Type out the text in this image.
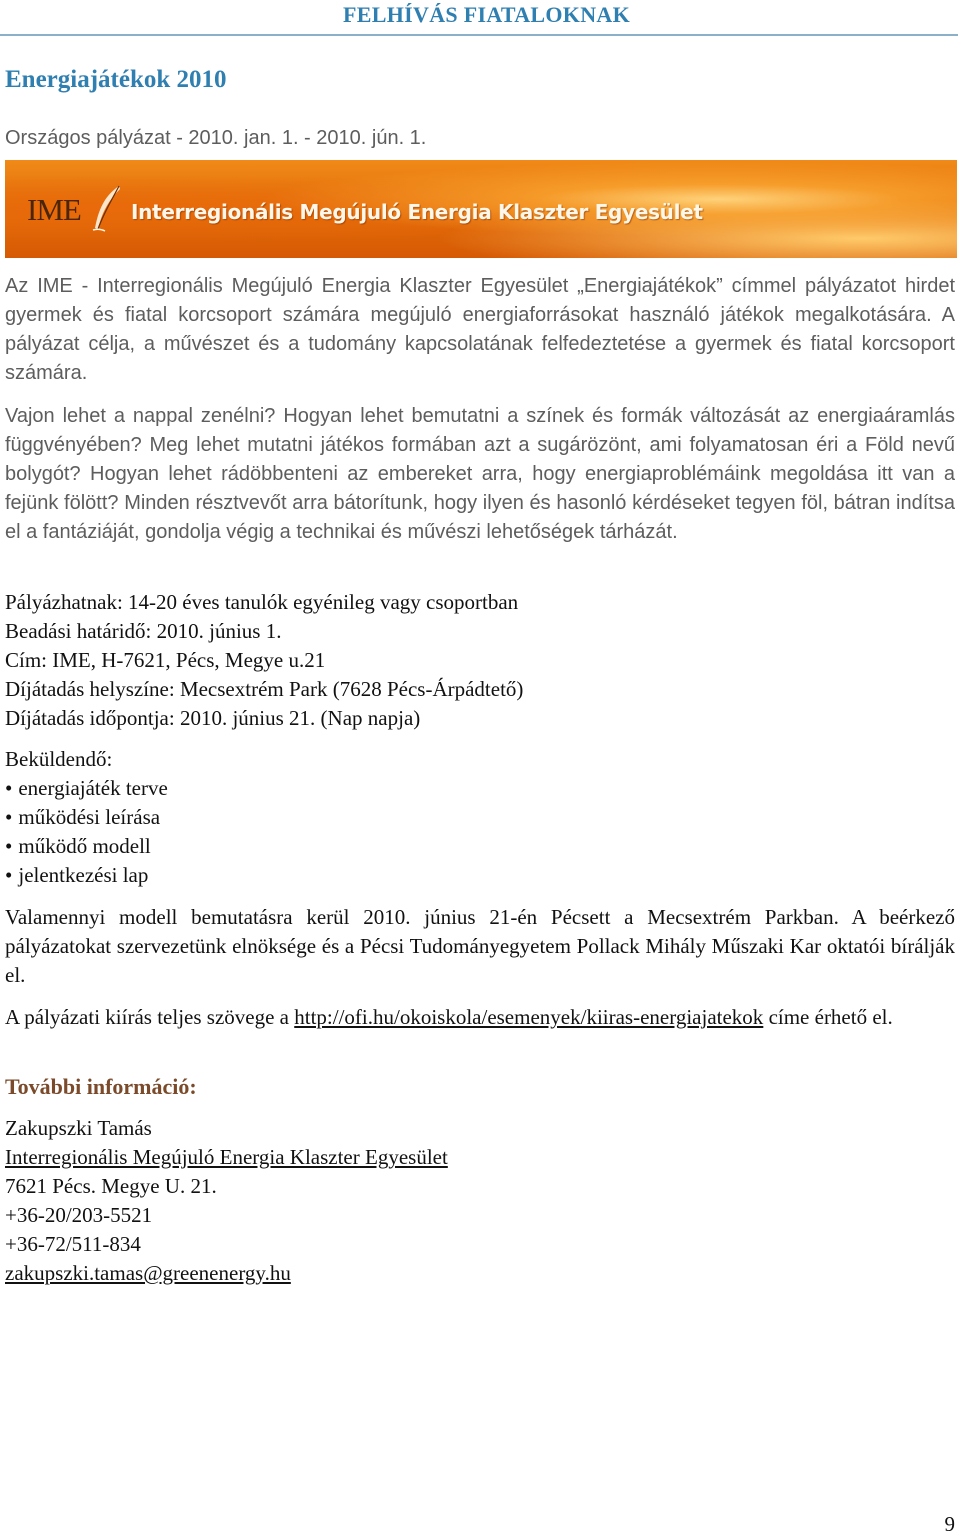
FELHÍVÁS FIATALOKNAK
Energiajátékok 2010
Országos pályázat - 2010. jan. 1. - 2010. jún. 1.
IME	Interregionális Megújuló Energia Klaszter Egyesület

Az IME - Interregionális Megújuló Energia Klaszter Egyesület „Energiajátékok” címmel pályázatot hirdet gyermek és fiatal korcsoport számára megújuló energiaforrásokat használó játékok megalkotására. A pályázat célja, a művészet és a tudomány kapcsolatának felfedeztetése a gyermek és fiatal korcsoport számára.

Vajon lehet a nappal zenélni? Hogyan lehet bemutatni a színek és formák változását az energiaáramlás függvényében? Meg lehet mutatni játékos formában azt a sugárözönt, ami folyamatosan éri a Föld nevű bolygót? Hogyan lehet rádöbbenteni az embereket arra, hogy energiaproblémáink megoldása itt van a fejünk fölött? Minden résztvevőt arra bátorítunk, hogy ilyen és hasonló kérdéseket tegyen föl, bátran indítsa el a fantáziáját, gondolja végig a technikai és művészi lehetőségek tárházát.

Pályázhatnak: 14-20 éves tanulók egyénileg vagy csoportban
Beadási határidő: 2010. június 1.
Cím: IME, H-7621, Pécs, Megye u.21
Díjátadás helyszíne: Mecsextrém Park (7628 Pécs-Árpádtető)
Díjátadás időpontja: 2010. június 21. (Nap napja)
Beküldendő:
• energiajáték terve
• működési leírása
• működő modell
• jelentkezési lap

Valamennyi modell bemutatásra kerül 2010. június 21-én Pécsett a Mecsextrém Parkban. A beérkező pályázatokat szervezetünk elnöksége és a Pécsi Tudományegyetem Pollack Mihály Műszaki Kar oktatói bírálják el.

A pályázati kiírás teljes szövege a http://ofi.hu/okoiskola/esemenyek/kiiras-energiajatekok címe érhető el.

További információ:
Zakupszki Tamás
Interregionális Megújuló Energia Klaszter Egyesület
7621 Pécs. Megye U. 21.
+36-20/203-5521
+36-72/511-834
zakupszki.tamas@greenenergy.hu
9
